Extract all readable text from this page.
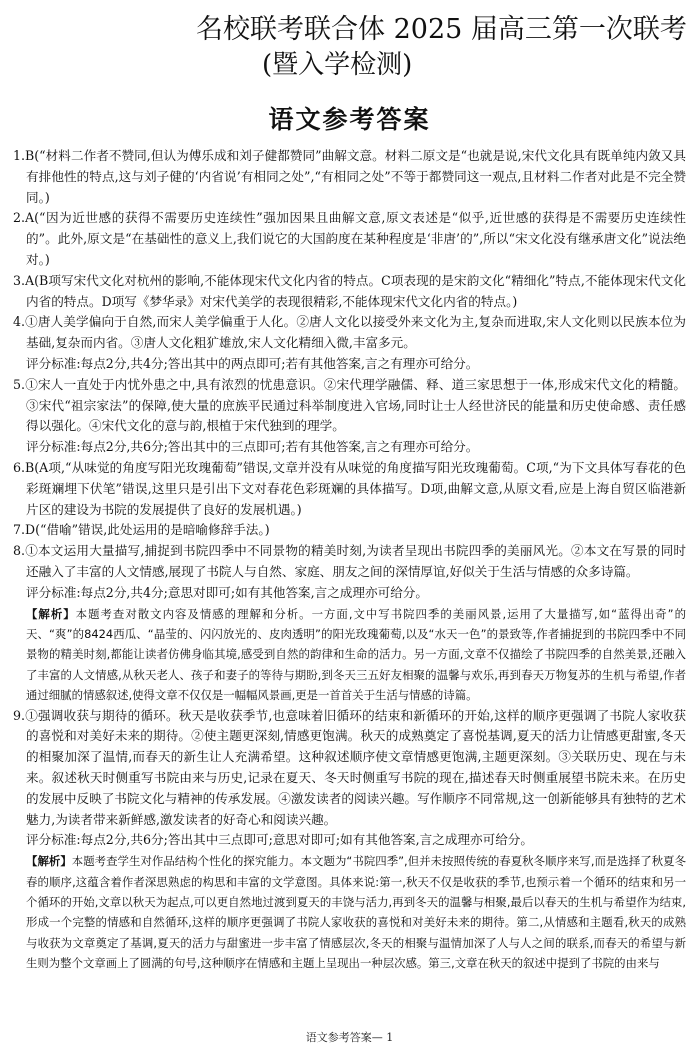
名校联考联合体 2025 届高三第一次联考
(暨入学检测)
语文参考答案

1.B(“材料二作者不赞同,但认为傅乐成和刘子健都赞同”曲解文意。材料二原文是“也就是说,宋代文化具有既单纯内敛又具有排他性的特点,这与刘子健的‘内省说’有相同之处”,“有相同之处”不等于都赞同这一观点,且材料二作者对此是不完全赞同。)

2.A(“因为近世感的获得不需要历史连续性”强加因果且曲解文意,原文表述是“似乎,近世感的获得是不需要历史连续性的”。此外,原文是“在基础性的意义上,我们说它的大国韵度在某种程度是‘非唐’的”,所以“宋文化没有继承唐文化”说法绝对。)

3.A(B项写宋代文化对杭州的影响,不能体现宋代文化内省的特点。C项表现的是宋韵文化“精细化”特点,不能体现宋代文化内省的特点。D项写《梦华录》对宋代美学的表现很精彩,不能体现宋代文化内省的特点。)

4.①唐人美学偏向于自然,而宋人美学偏重于人化。②唐人文化以接受外来文化为主,复杂而进取,宋人文化则以民族本位为基础,复杂而内省。③唐人文化粗犷雄放,宋人文化精细入微,丰富多元。

评分标准:每点2分,共4分;答出其中的两点即可;若有其他答案,言之有理亦可给分。

5.①宋人一直处于内忧外患之中,具有浓烈的忧患意识。②宋代理学融儒、释、道三家思想于一体,形成宋代文化的精髓。③宋代“祖宗家法”的保障,使大量的庶族平民通过科举制度进入官场,同时让士人经世济民的能量和历史使命感、责任感得以强化。④宋代文化的意与韵,根植于宋代独到的理学。

评分标准:每点2分,共6分;答出其中的三点即可;若有其他答案,言之有理亦可给分。

6.B(A项,“从味觉的角度写阳光玫瑰葡萄”错误,文章并没有从味觉的角度描写阳光玫瑰葡萄。C项,“为下文具体写春花的色彩斑斓埋下伏笔”错误,这里只是引出下文对春花色彩斑斓的具体描写。D项,曲解文意,从原文看,应是上海自贸区临港新片区的建设为书院的发展提供了良好的发展机遇。)

7.D(“借喻”错误,此处运用的是暗喻修辞手法。)

8.①本文运用大量描写,捕捉到书院四季中不同景物的精美时刻,为读者呈现出书院四季的美丽风光。②本文在写景的同时还融入了丰富的人文情感,展现了书院人与自然、家庭、朋友之间的深情厚谊,好似关于生活与情感的众多诗篇。

评分标准:每点2分,共4分;意思对即可;如有其他答案,言之成理亦可给分。

【解析】本题考查对散文内容及情感的理解和分析。一方面,文中写书院四季的美丽风景,运用了大量描写,如“蓝得出奇”的天、“爽”的8424西瓜、“晶莹的、闪闪放光的、皮肉透明”的阳光玫瑰葡萄,以及“水天一色”的景致等,作者捕捉到的书院四季中不同景物的精美时刻,都能让读者仿佛身临其境,感受到自然的韵律和生命的活力。另一方面,文章不仅描绘了书院四季的自然美景,还融入了丰富的人文情感,从秋天老人、孩子和妻子的等待与期盼,到冬天三五好友相聚的温馨与欢乐,再到春天万物复苏的生机与希望,作者通过细腻的情感叙述,使得文章不仅仅是一幅幅风景画,更是一首首关于生活与情感的诗篇。

9.①强调收获与期待的循环。秋天是收获季节,也意味着旧循环的结束和新循环的开始,这样的顺序更强调了书院人家收获的喜悦和对美好未来的期待。②使主题更深刻,情感更饱满。秋天的成熟奠定了喜悦基调,夏天的活力让情感更甜蜜,冬天的相聚加深了温情,而春天的新生让人充满希望。这种叙述顺序使文章情感更饱满,主题更深刻。③关联历史、现在与未来。叙述秋天时侧重写书院由来与历史,记录在夏天、冬天时侧重写书院的现在,描述春天时侧重展望书院未来。在历史的发展中反映了书院文化与精神的传承发展。④激发读者的阅读兴趣。写作顺序不同常规,这一创新能够具有独特的艺术魅力,为读者带来新鲜感,激发读者的好奇心和阅读兴趣。

评分标准:每点2分,共6分;答出其中三点即可;意思对即可;如有其他答案,言之成理亦可给分。

【解析】本题考查学生对作品结构个性化的探究能力。本文题为“书院四季”,但并未按照传统的春夏秋冬顺序来写,而是选择了秋夏冬春的顺序,这蕴含着作者深思熟虑的构思和丰富的文学意图。具体来说:第一,秋天不仅是收获的季节,也预示着一个循环的结束和另一个循环的开始,文章以秋天为起点,可以更自然地过渡到夏天的丰饶与活力,再到冬天的温馨与相聚,最后以春天的生机与希望作为结束,形成一个完整的情感和自然循环,这样的顺序更强调了书院人家收获的喜悦和对美好未来的期待。第二,从情感和主题看,秋天的成熟与收获为文章奠定了基调,夏天的活力与甜蜜进一步丰富了情感层次,冬天的相聚与温情加深了人与人之间的联系,而春天的希望与新生则为整个文章画上了圆满的句号,这种顺序在情感和主题上呈现出一种层次感。第三,文章在秋天的叙述中提到了书院的由来与

语文参考答案— 1
